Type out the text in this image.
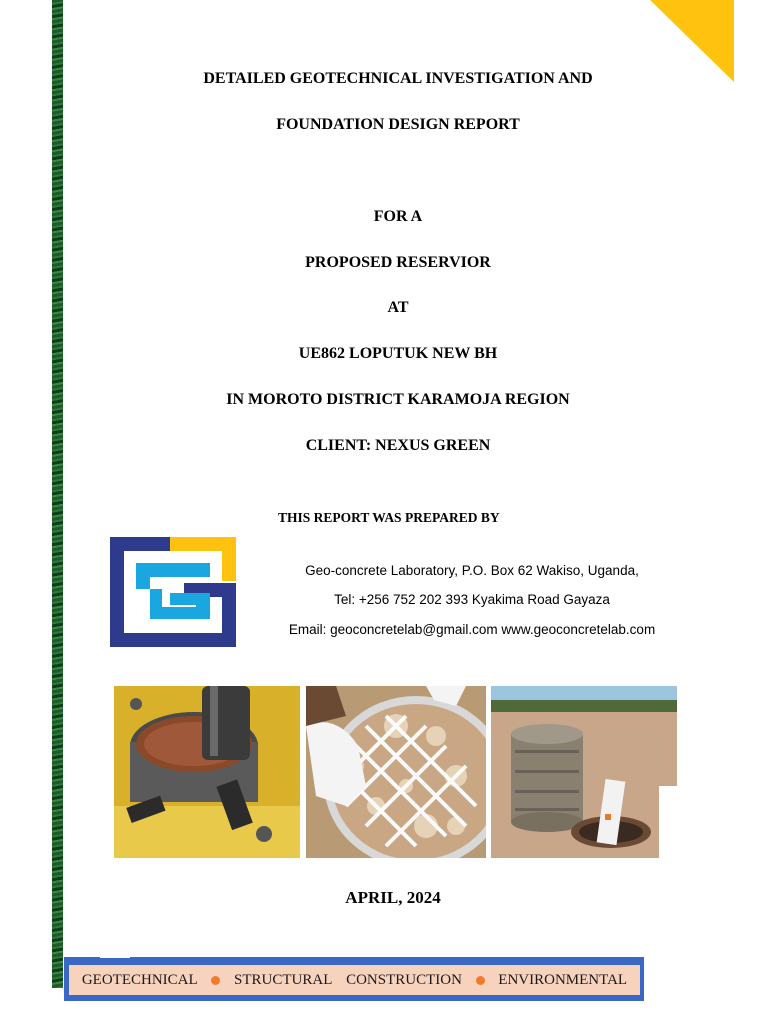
DETAILED GEOTECHNICAL INVESTIGATION AND
FOUNDATION DESIGN REPORT
FOR A
PROPOSED RESERVIOR
AT
UE862 LOPUTUK NEW BH
IN MOROTO DISTRICT KARAMOJA REGION
CLIENT: NEXUS GREEN
THIS REPORT WAS PREPARED BY
Geo-concrete Laboratory, P.O. Box 62 Wakiso, Uganda,
Tel: +256 752 202 393 Kyakima Road Gayaza
Email: geoconcretelab@gmail.com www.geoconcretelab.com
APRIL, 2024
GEOTECHNICAL STRUCTURAL CONSTRUCTION ENVIRONMENTAL
